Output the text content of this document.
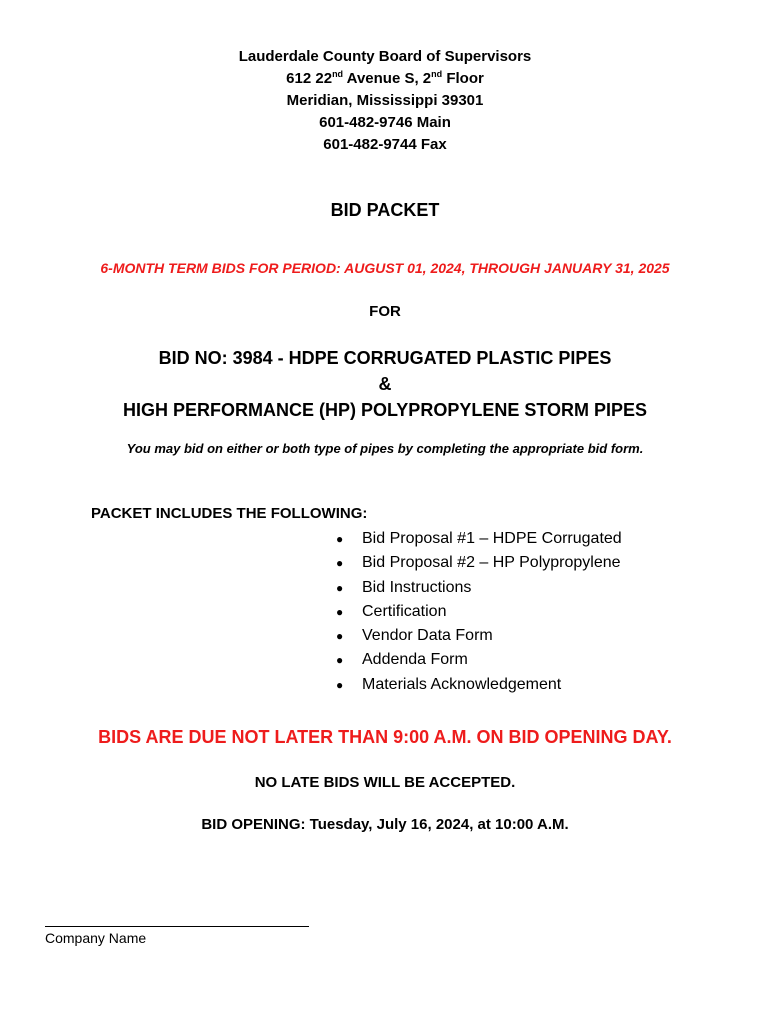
Lauderdale County Board of Supervisors
612 22nd Avenue S, 2nd Floor
Meridian, Mississippi 39301
601-482-9746 Main
601-482-9744 Fax
BID PACKET
6-MONTH TERM BIDS FOR PERIOD: AUGUST 01, 2024, THROUGH JANUARY 31, 2025
FOR
BID NO: 3984 - HDPE CORRUGATED PLASTIC PIPES
&
HIGH PERFORMANCE (HP) POLYPROPYLENE STORM PIPES
You may bid on either or both type of pipes by completing the appropriate bid form.
PACKET INCLUDES THE FOLLOWING:
● Bid Proposal #1 – HDPE Corrugated
● Bid Proposal #2 – HP Polypropylene
● Bid Instructions
● Certification
● Vendor Data Form
● Addenda Form
● Materials Acknowledgement
BIDS ARE DUE NOT LATER THAN 9:00 A.M. ON BID OPENING DAY.
NO LATE BIDS WILL BE ACCEPTED.
BID OPENING: Tuesday, July 16, 2024, at 10:00 A.M.
Company Name
